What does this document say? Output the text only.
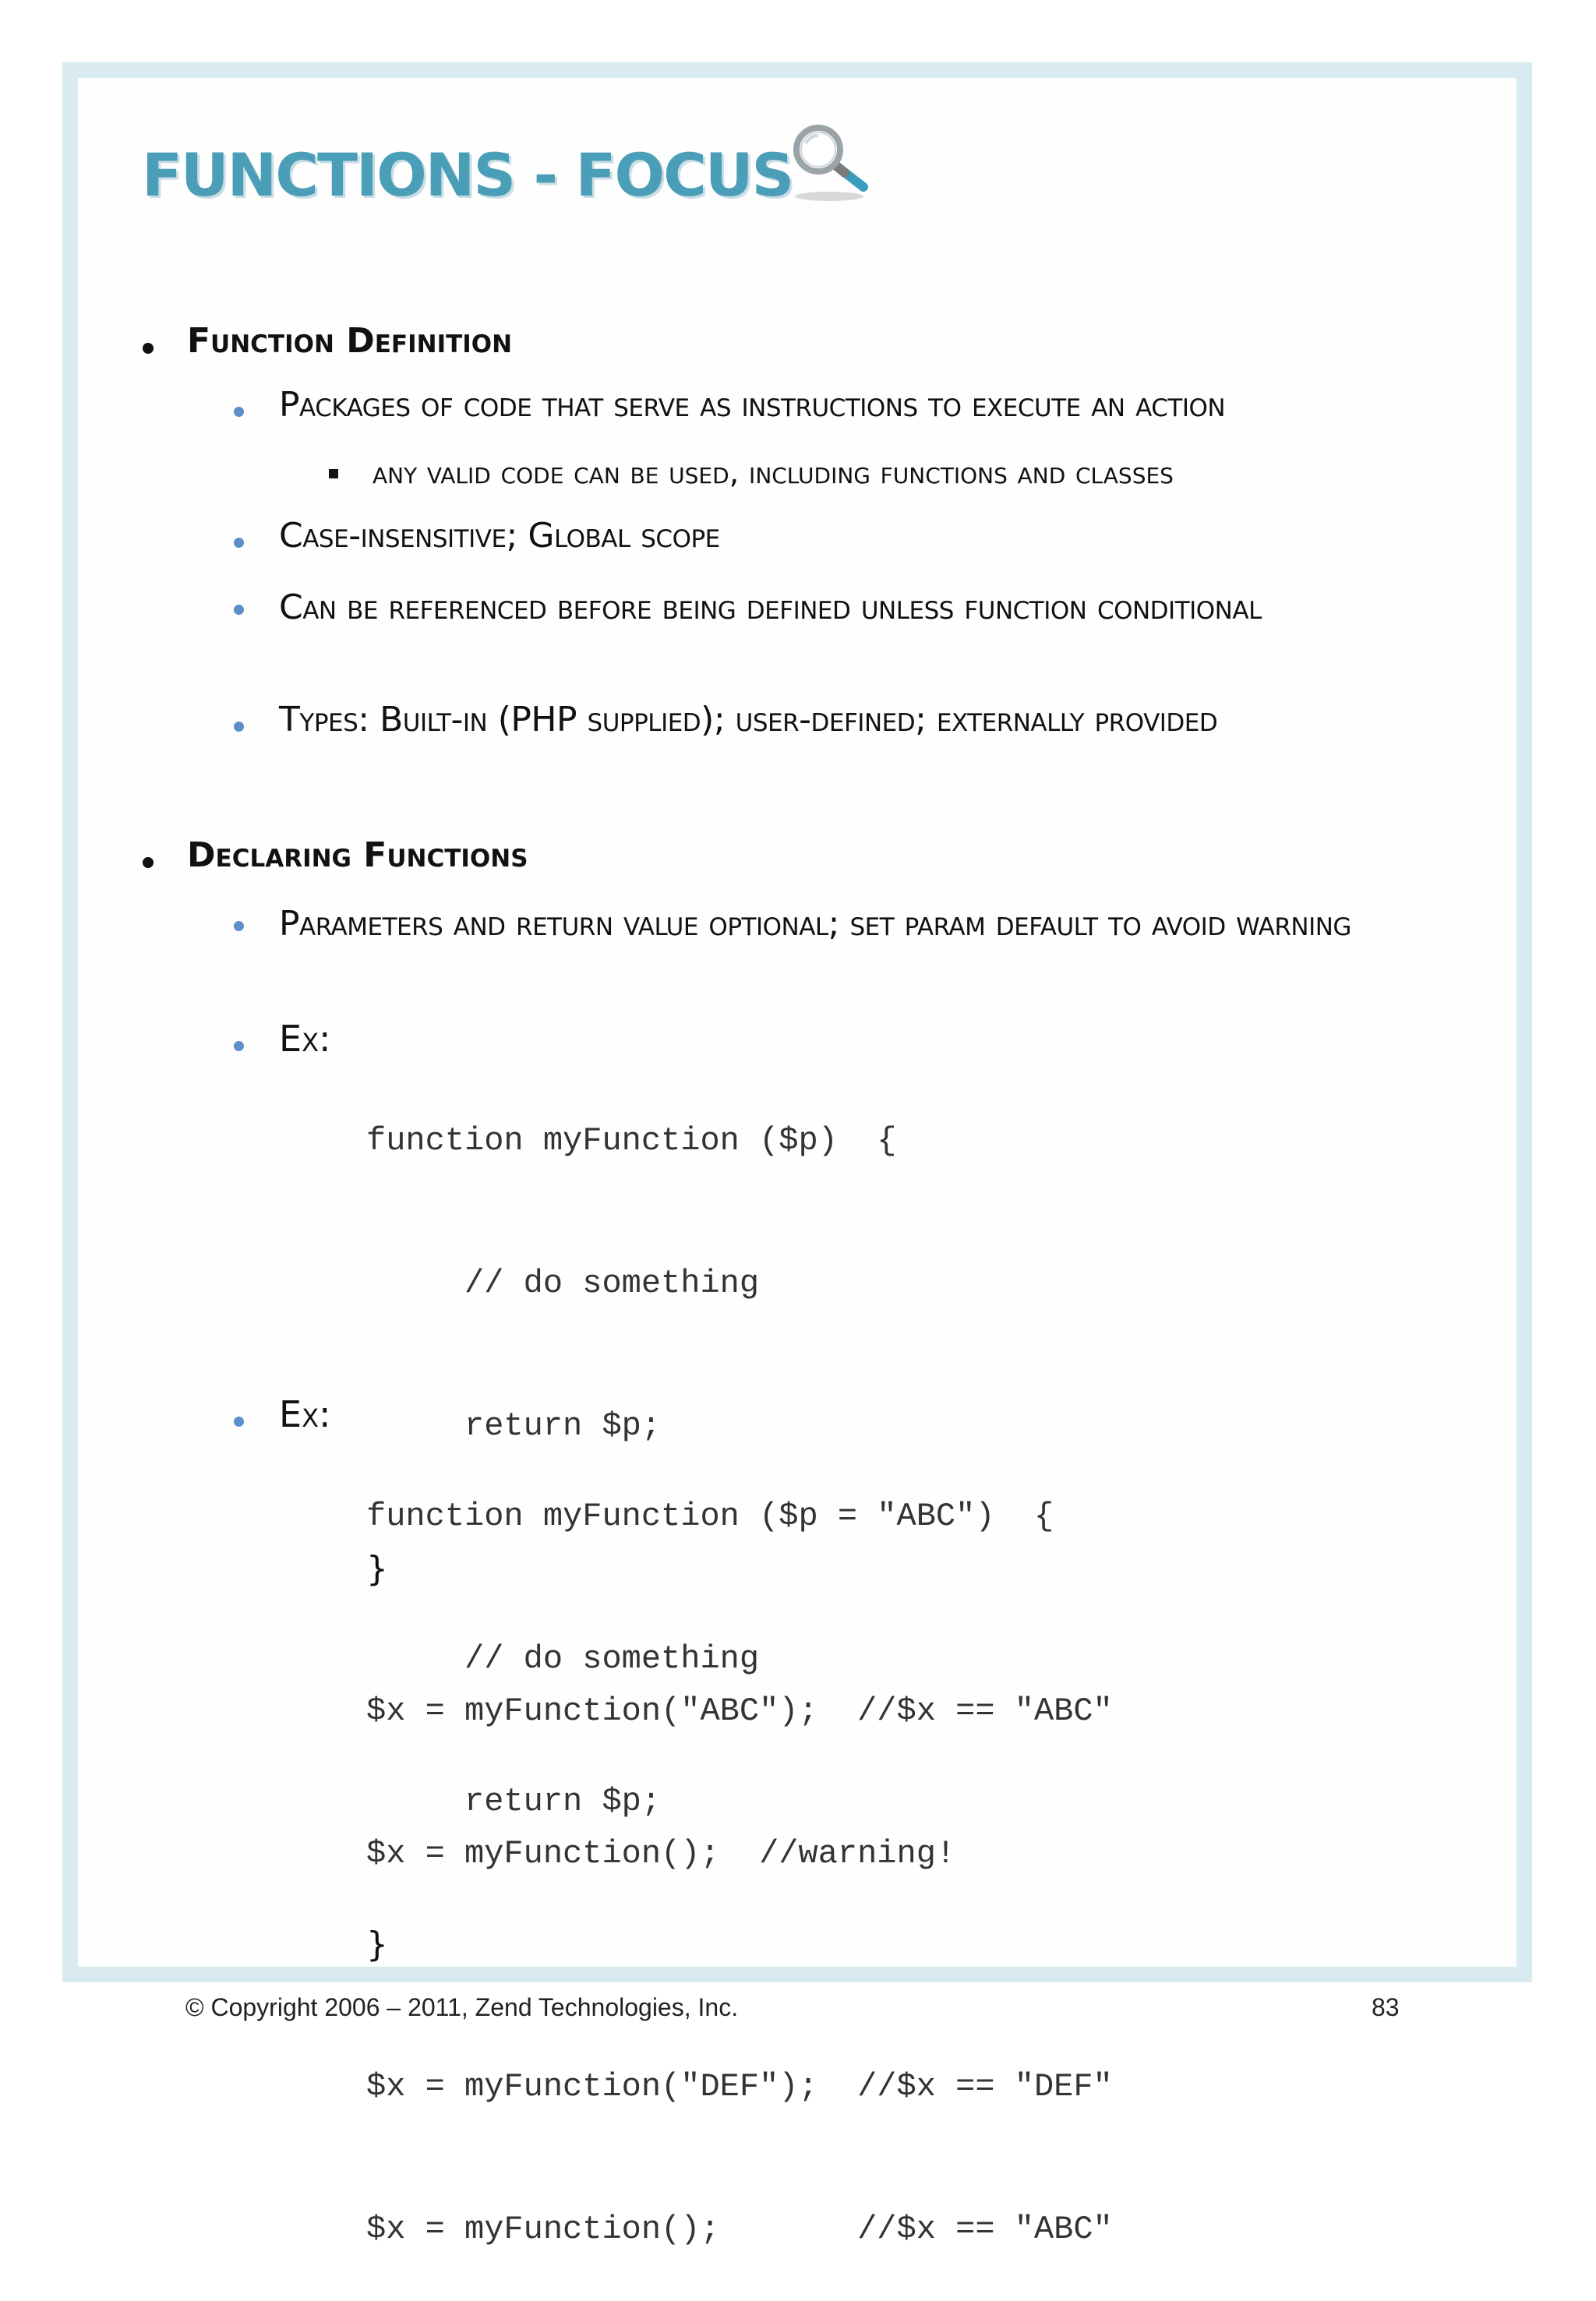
FUNCTIONS - FOCUS
Function Definition
Packages of code that serve as instructions to execute an action
any valid code can be used, including functions and classes
Case-insensitive; Global scope
Can be referenced before being defined unless function conditional
Types: Built-in (PHP supplied); user-defined; externally provided
Declaring Functions
Parameters and return value optional; set param default to avoid warning
Ex:

function myFunction ($p)  {

// do something

return $p;

}

$x = myFunction("ABC");  //$x == "ABC"

$x = myFunction();  //warning!

Ex:

function myFunction ($p = "ABC")  {

// do something

return $p;

}

$x = myFunction("DEF");  //$x == "DEF"

$x = myFunction();       //$x == "ABC"

© Copyright 2006 – 2011, Zend Technologies, Inc.	83
